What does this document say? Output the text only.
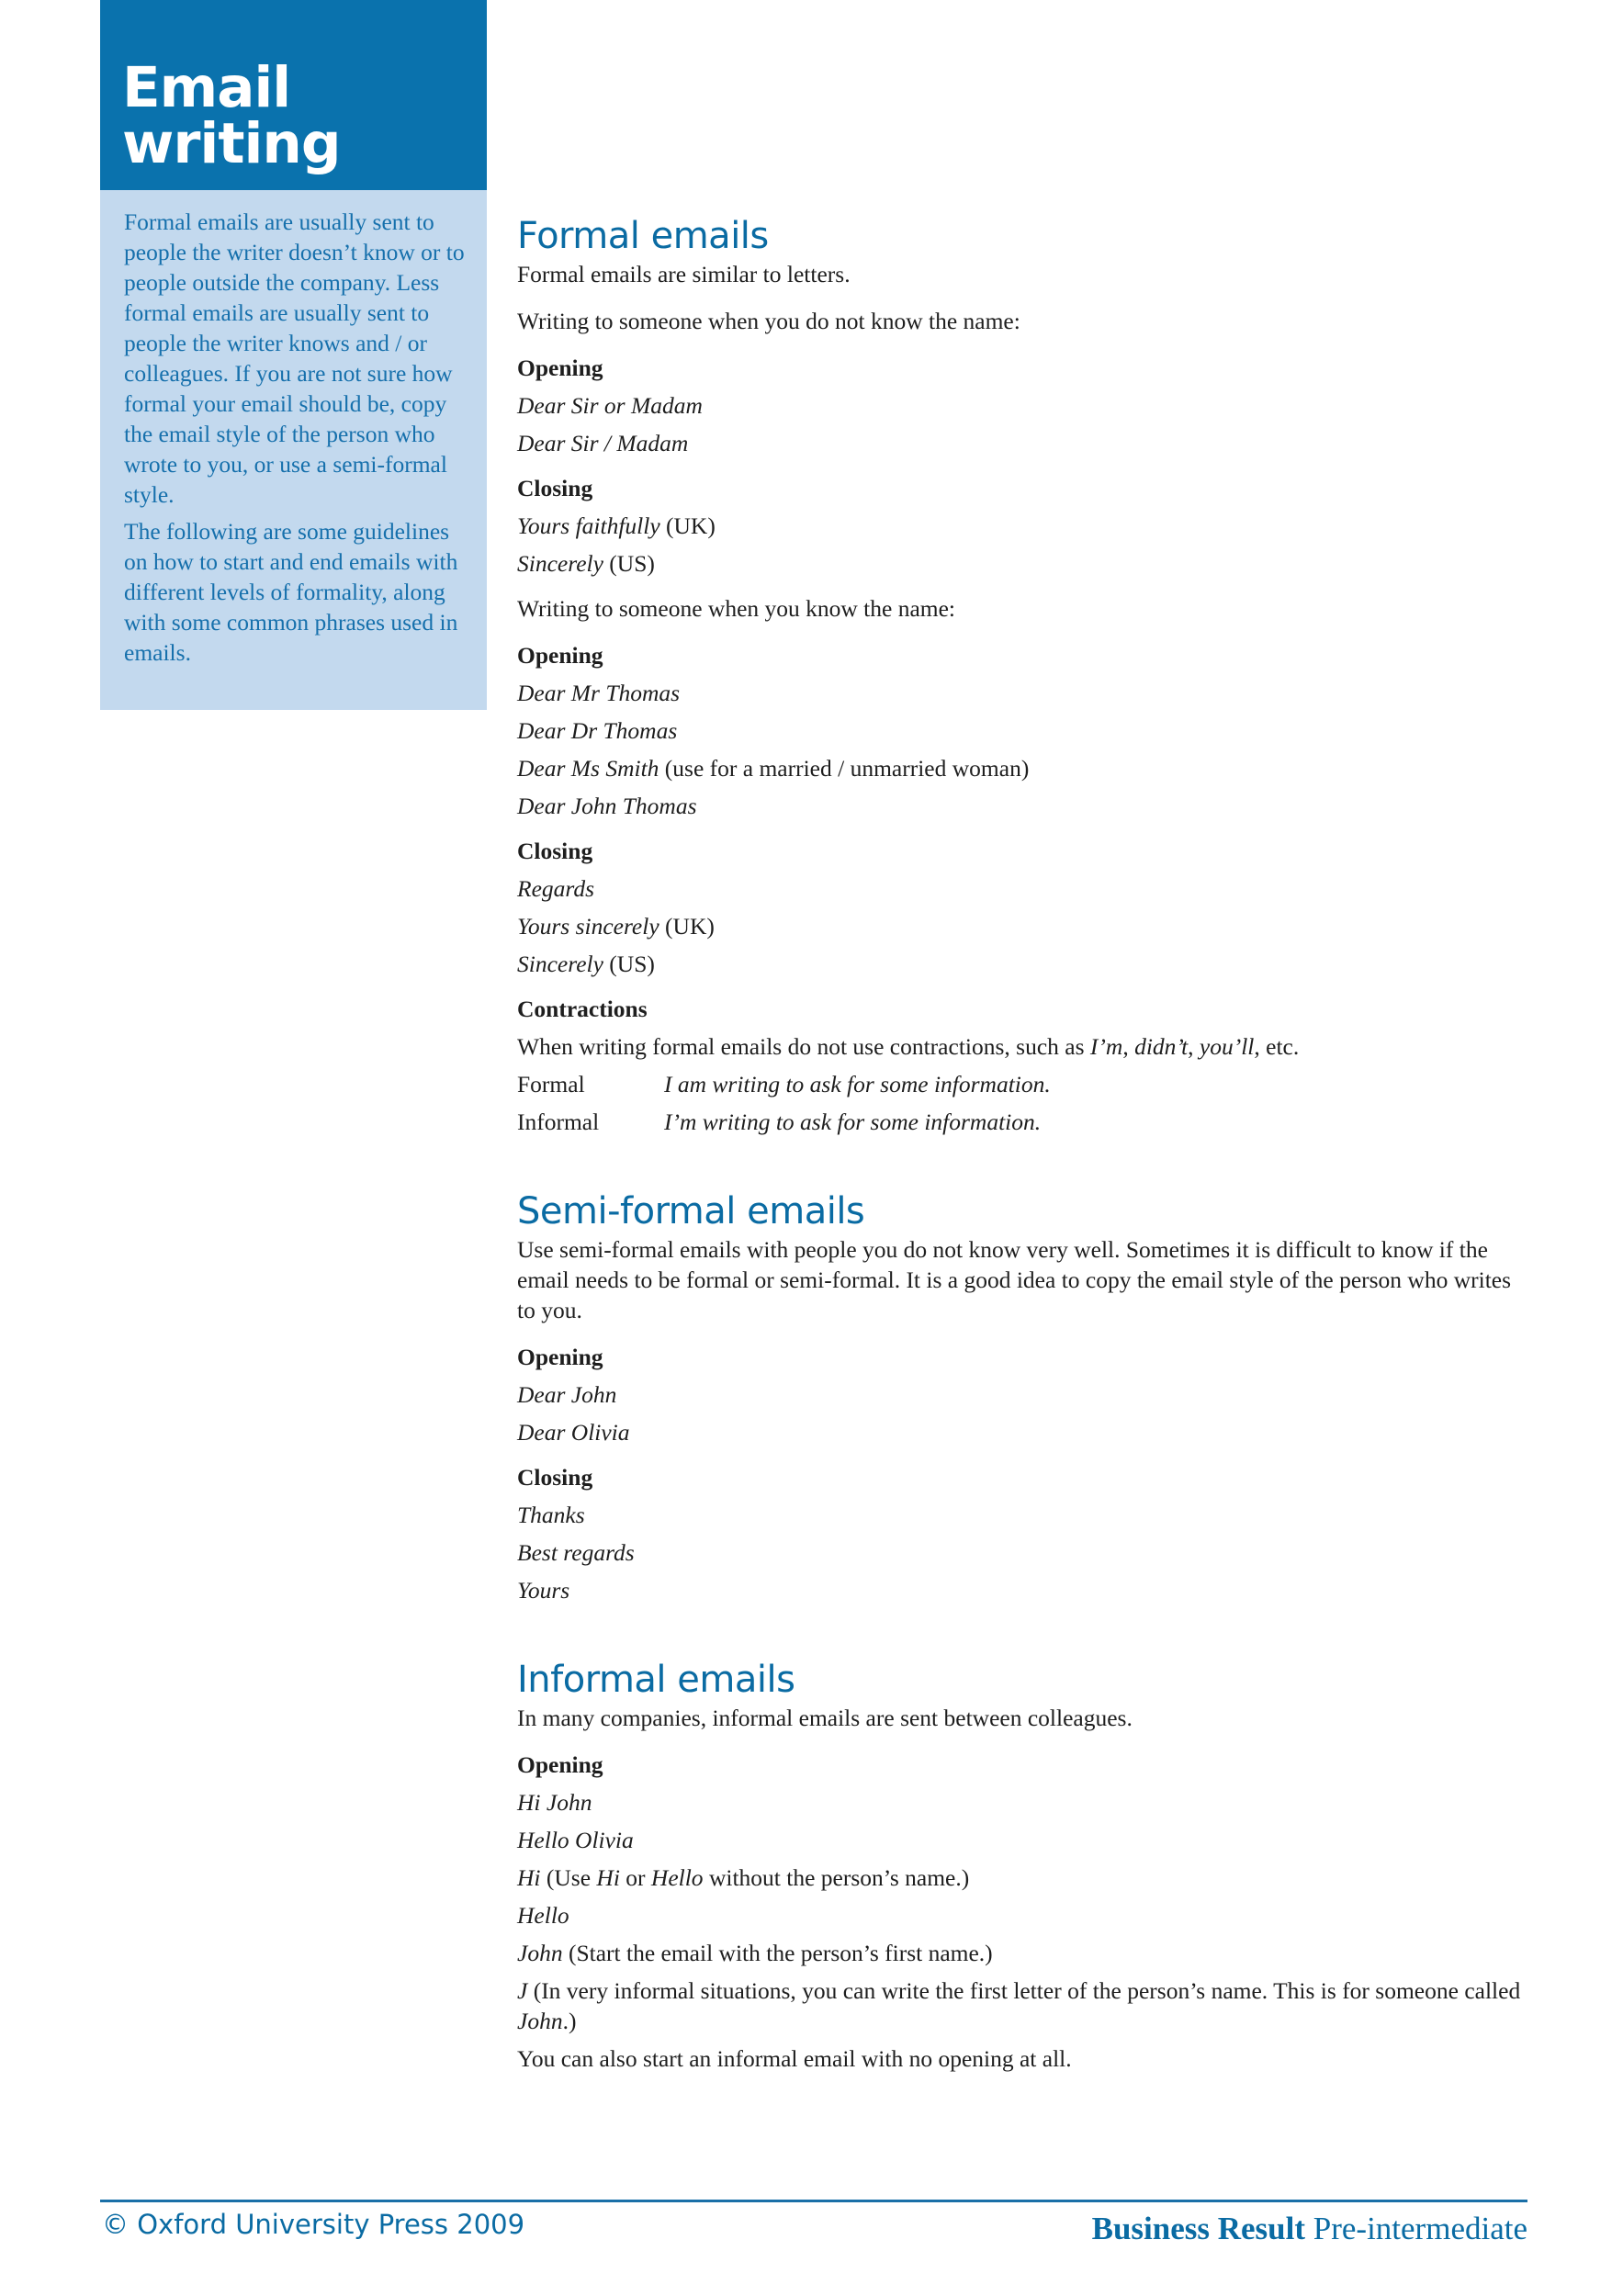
Email writing

Formal emails are usually sent to people the writer doesn’t know or to people outside the company. Less formal emails are usually sent to people the writer knows and / or colleagues. If you are not sure how formal your email should be, copy the email style of the person who wrote to you, or use a semi-formal style.

The following are some guidelines on how to start and end emails with different levels of formality, along with some common phrases used in emails.

Formal emails

Formal emails are similar to letters.

Writing to someone when you do not know the name:

Opening

Dear Sir or Madam

Dear Sir / Madam

Closing

Yours faithfully (UK)

Sincerely (US)

Writing to someone when you know the name:

Opening

Dear Mr Thomas

Dear Dr Thomas

Dear Ms Smith (use for a married / unmarried woman)

Dear John Thomas

Closing

Regards

Yours sincerely (UK)

Sincerely (US)

Contractions

When writing formal emails do not use contractions, such as I’m, didn’t, you’ll, etc.

Formal	I am writing to ask for some information.
Informal	I’m writing to ask for some information.
Semi-formal emails

Use semi-formal emails with people you do not know very well. Sometimes it is difficult to know if the email needs to be formal or semi-formal. It is a good idea to copy the email style of the person who writes to you.

Opening

Dear John

Dear Olivia

Closing

Thanks

Best regards

Yours

Informal emails

In many companies, informal emails are sent between colleagues.

Opening

Hi John

Hello Olivia

Hi (Use Hi or Hello without the person’s name.)

Hello

John (Start the email with the person’s first name.)

J (In very informal situations, you can write the first letter of the person’s name. This is for someone called John.)

You can also start an informal email with no opening at all.

© Oxford University Press 2009	Business Result Pre-intermediate
